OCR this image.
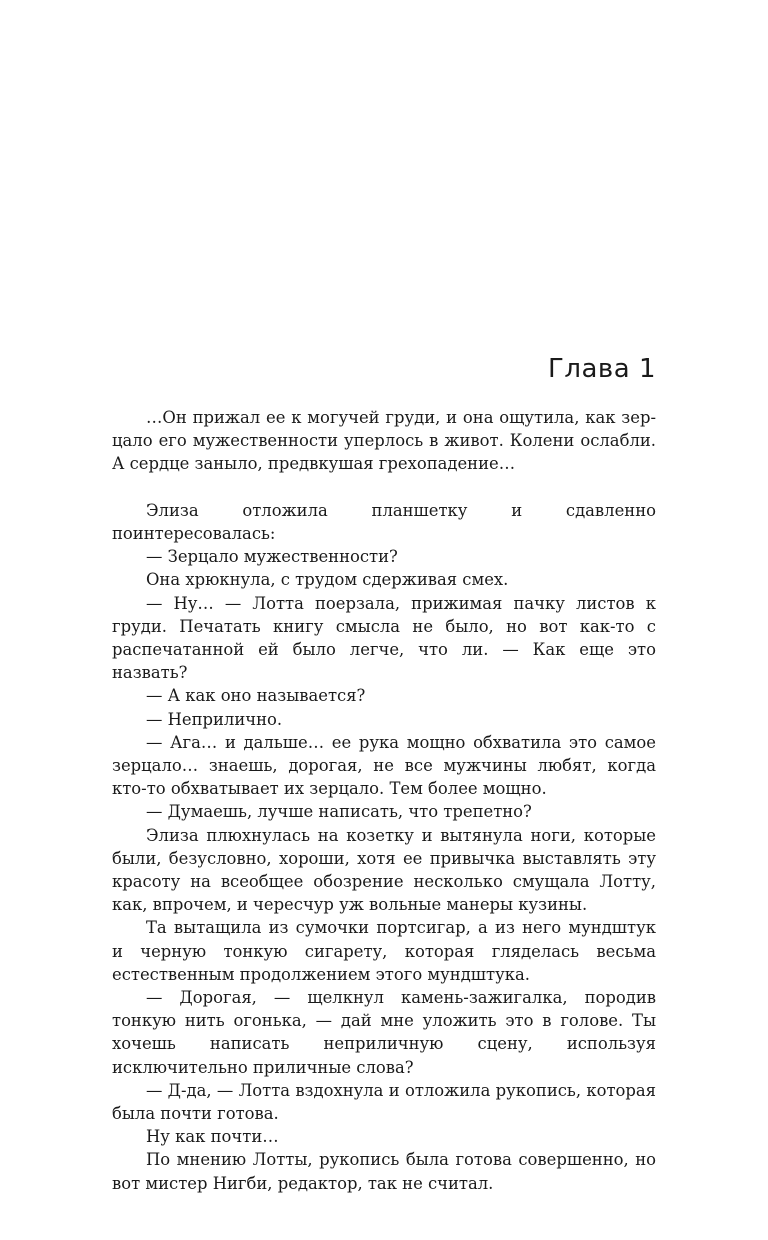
Глава 1

…Он прижал ее к могучей груди, и она ощутила, как зерцало его мужественности уперлось в живот. Колени ослабли. А сердце заныло, предвкушая грехопадение…

Элиза отложила планшетку и сдавленно поинтересовалась:

— Зерцало мужественности?

Она хрюкнула, с трудом сдерживая смех.

— Ну… — Лотта поерзала, прижимая пачку листов к груди. Печатать книгу смысла не было, но вот как-то с распечатанной ей было легче, что ли. — Как еще это назвать?

— А как оно называется?

— Неприлично.

— Ага… и дальше… ее рука мощно обхватила это самое зерцало… знаешь, дорогая, не все мужчины любят, когда кто-то обхватывает их зерцало. Тем более мощно.

— Думаешь, лучше написать, что трепетно?

Элиза плюхнулась на козетку и вытянула ноги, которые были, безусловно, хороши, хотя ее привычка выставлять эту красоту на всеобщее обозрение несколько смущала Лотту, как, впрочем, и чересчур уж вольные манеры кузины.

Та вытащила из сумочки портсигар, а из него мундштук и черную тонкую сигарету, которая гляделась весьма естественным продолжением этого мундштука.

— Дорогая, — щелкнул камень-зажигалка, породив тонкую нить огонька, — дай мне уложить это в голове. Ты хочешь написать неприличную сцену, используя исключительно приличные слова?

— Д-да, — Лотта вздохнула и отложила рукопись, которая была почти готова.

Ну как почти…

По мнению Лотты, рукопись была готова совершенно, но вот мистер Нигби, редактор, так не считал.
